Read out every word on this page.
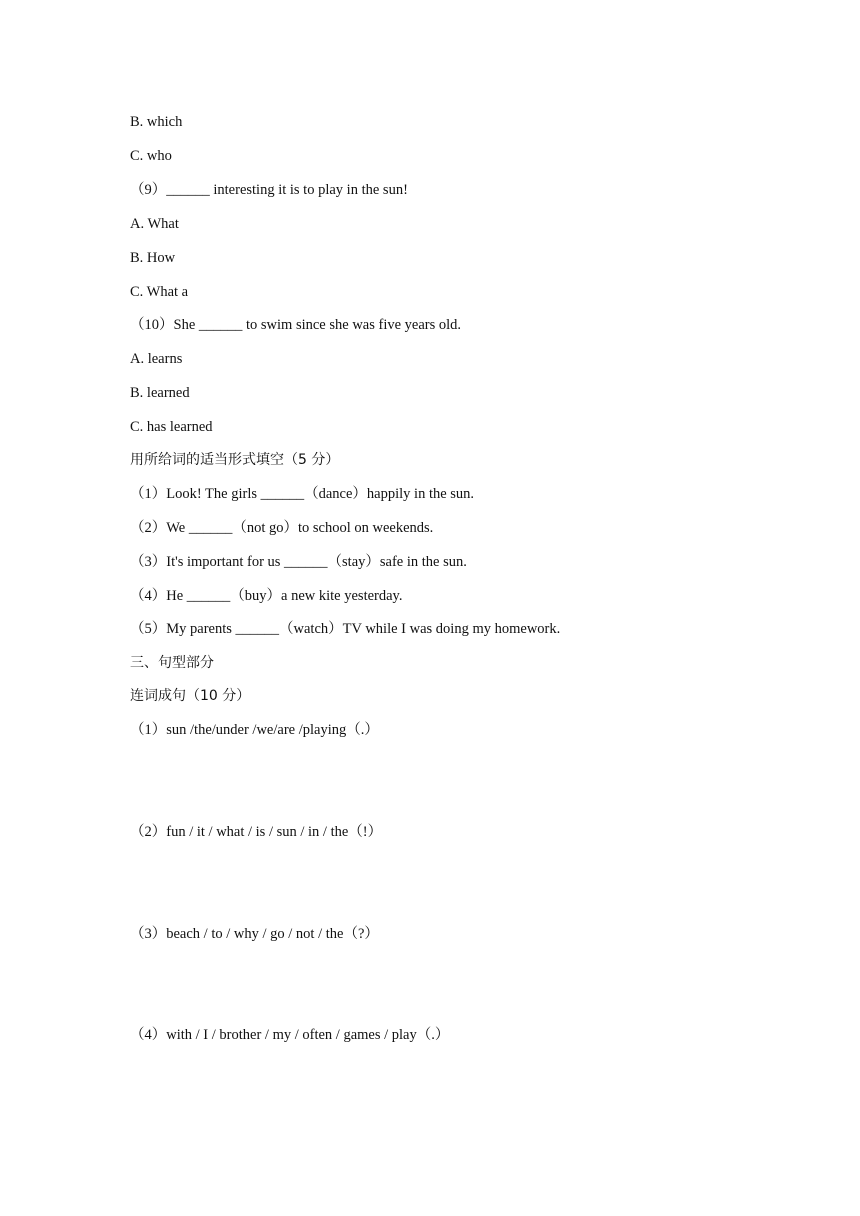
B. which
C. who
（9）______ interesting it is to play in the sun!
A. What
B. How
C. What a
（10）She ______ to swim since she was five years old.
A. learns
B. learned
C. has learned
用所给词的适当形式填空（5 分）
（1）Look! The girls ______（dance）happily in the sun.
（2）We ______（not go）to school on weekends.
（3）It's important for us ______（stay）safe in the sun.
（4）He ______（buy）a new kite yesterday.
（5）My parents ______（watch）TV while I was doing my homework.
三、句型部分
连词成句（10 分）
（1）sun /the/under /we/are /playing（.）
（2）fun / it / what / is / sun / in / the（!）
（3）beach / to / why / go / not / the（?）
（4）with / I / brother / my / often / games / play（.）
